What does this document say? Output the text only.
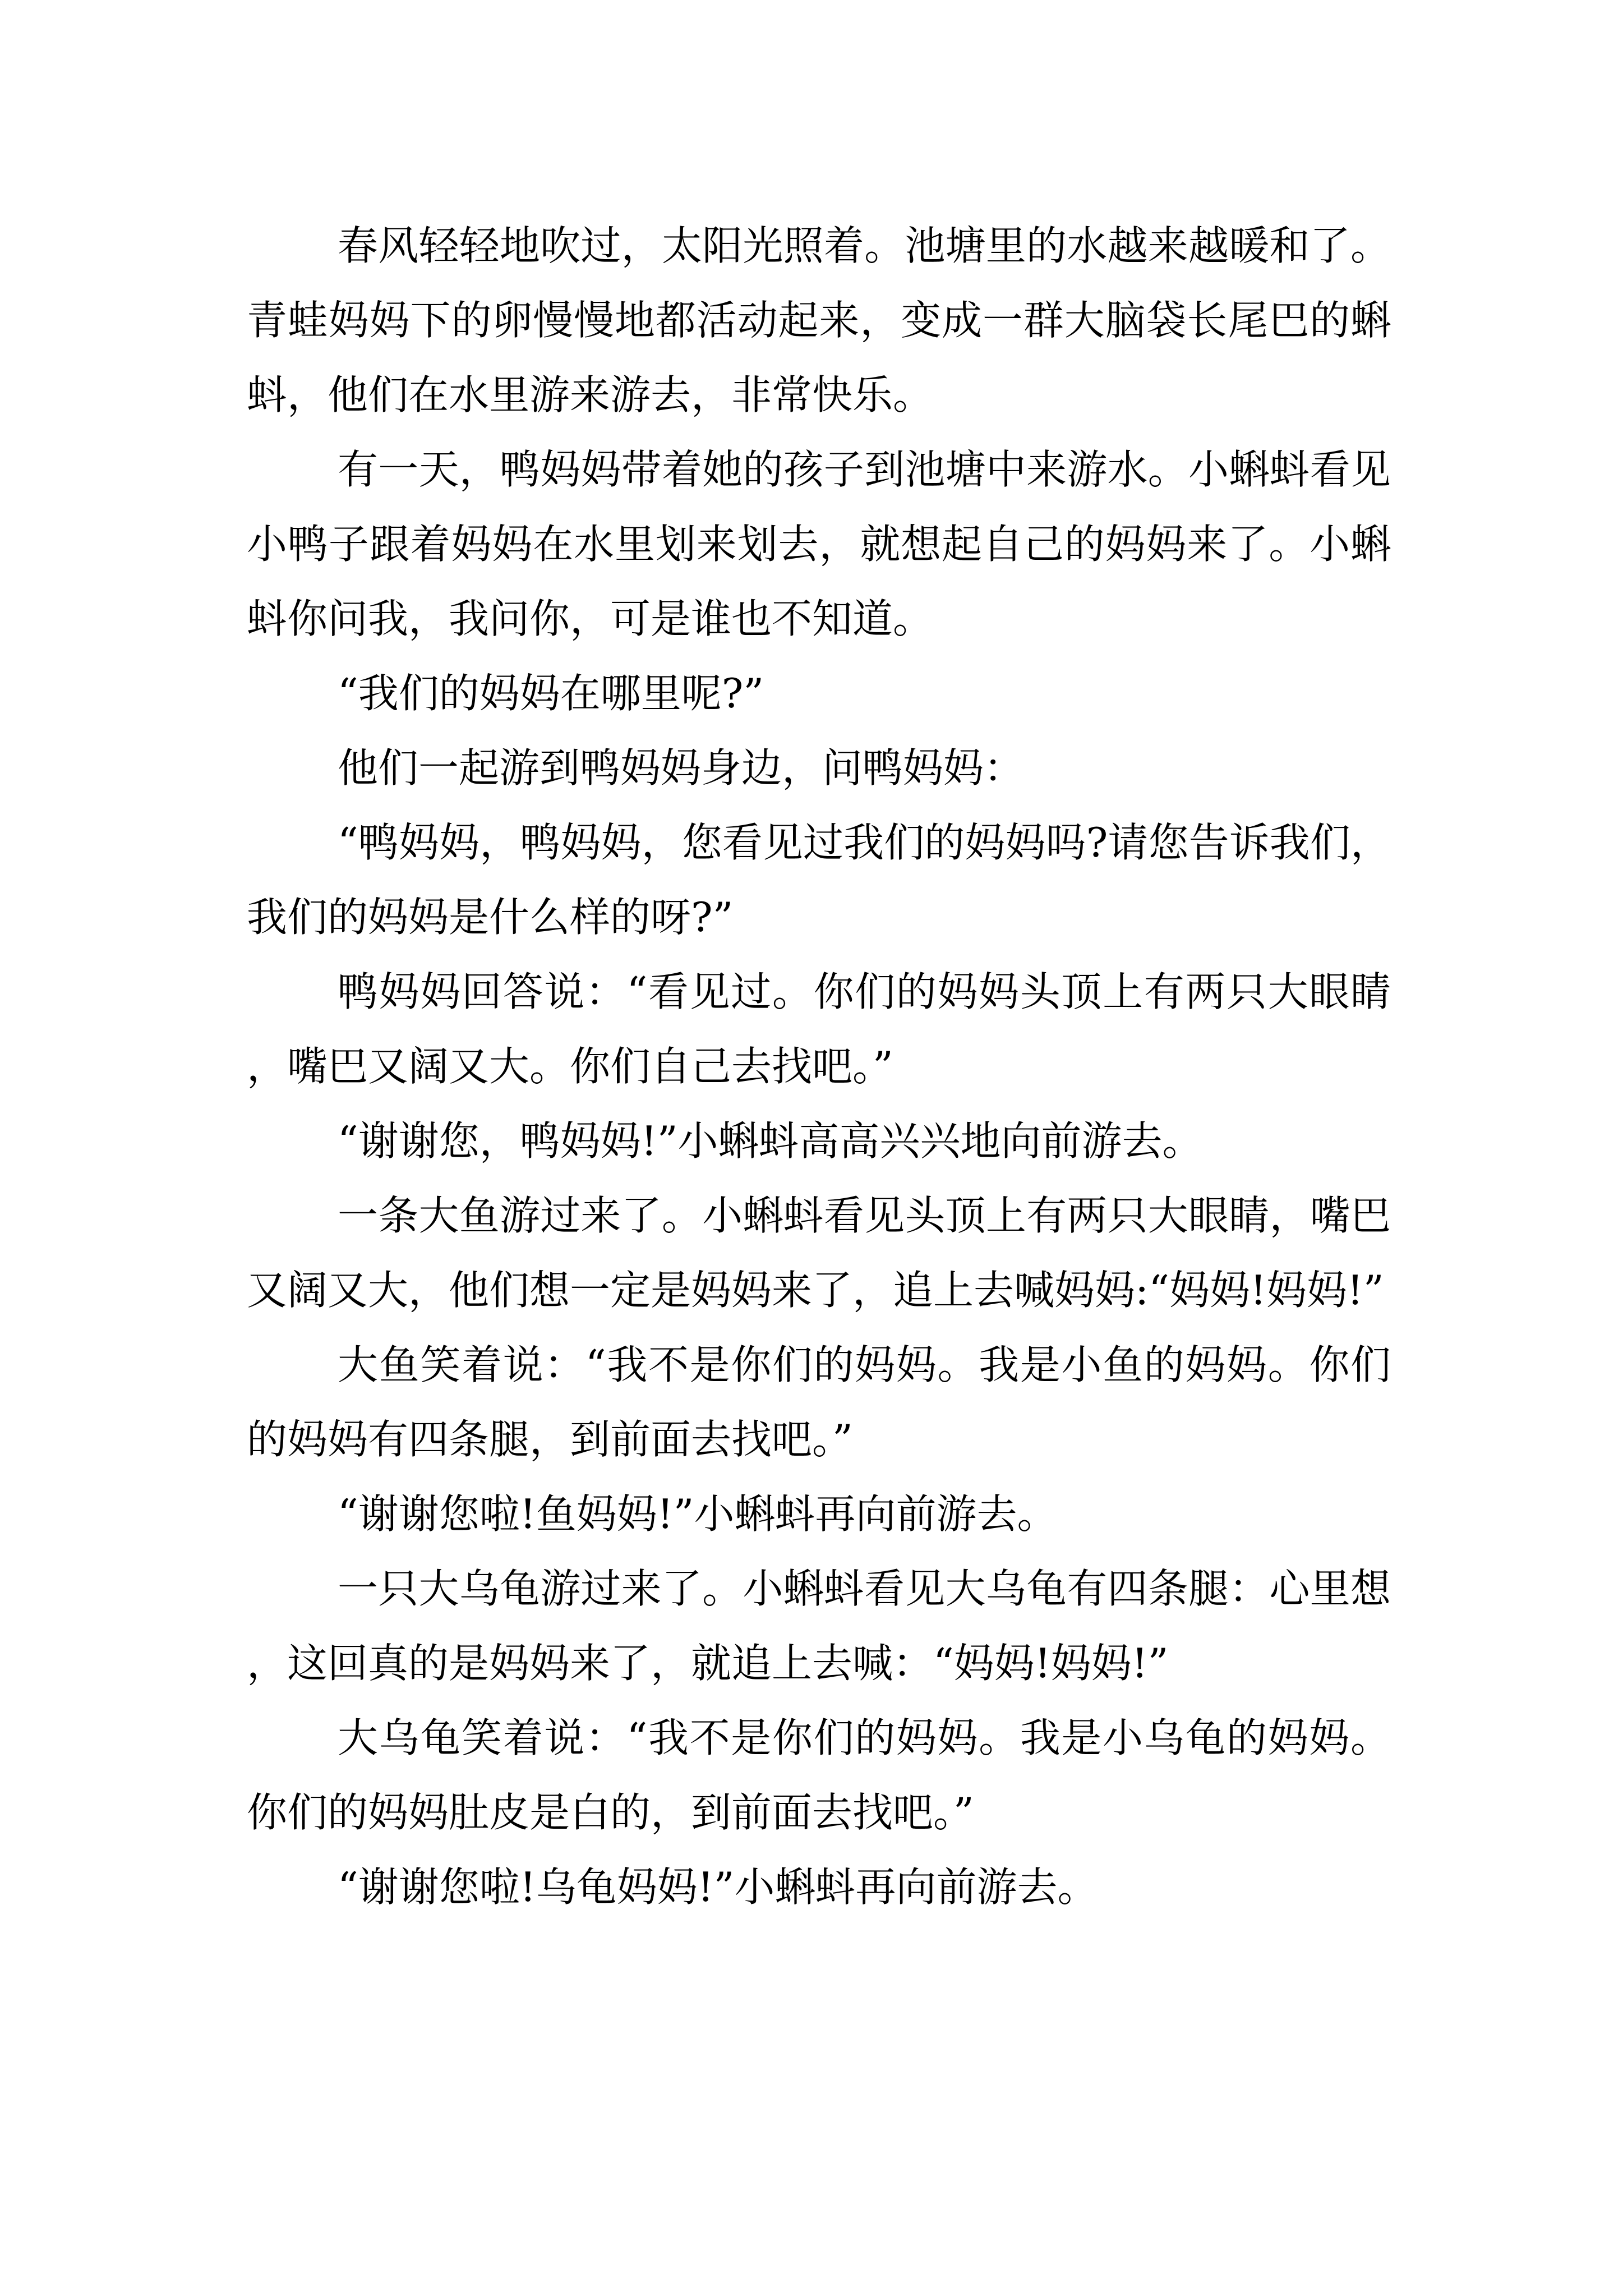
春风轻轻地吹过，太阳光照着。池塘里的水越来越暖和了。青蛙妈妈下的卵慢慢地都活动起来，变成一群大脑袋长尾巴的蝌蚪，他们在水里游来游去，非常快乐。

有一天，鸭妈妈带着她的孩子到池塘中来游水。小蝌蚪看见小鸭子跟着妈妈在水里划来划去，就想起自己的妈妈来了。小蝌蚪你问我，我问你，可是谁也不知道。

“我们的妈妈在哪里呢?”

他们一起游到鸭妈妈身边，问鸭妈妈：

“鸭妈妈，鸭妈妈，您看见过我们的妈妈吗?请您告诉我们，我们的妈妈是什么样的呀?”

鸭妈妈回答说：“看见过。你们的妈妈头顶上有两只大眼睛，嘴巴又阔又大。你们自己去找吧。”

“谢谢您，鸭妈妈!”小蝌蚪高高兴兴地向前游去。

一条大鱼游过来了。小蝌蚪看见头顶上有两只大眼睛，嘴巴又阔又大，他们想一定是妈妈来了，追上去喊妈妈:“妈妈!妈妈!”

大鱼笑着说：“我不是你们的妈妈。我是小鱼的妈妈。你们的妈妈有四条腿，到前面去找吧。”

“谢谢您啦!鱼妈妈!”小蝌蚪再向前游去。

一只大乌龟游过来了。小蝌蚪看见大乌龟有四条腿：心里想，这回真的是妈妈来了，就追上去喊：“妈妈!妈妈!”

大乌龟笑着说：“我不是你们的妈妈。我是小乌龟的妈妈。你们的妈妈肚皮是白的，到前面去找吧。”

“谢谢您啦!乌龟妈妈!”小蝌蚪再向前游去。
